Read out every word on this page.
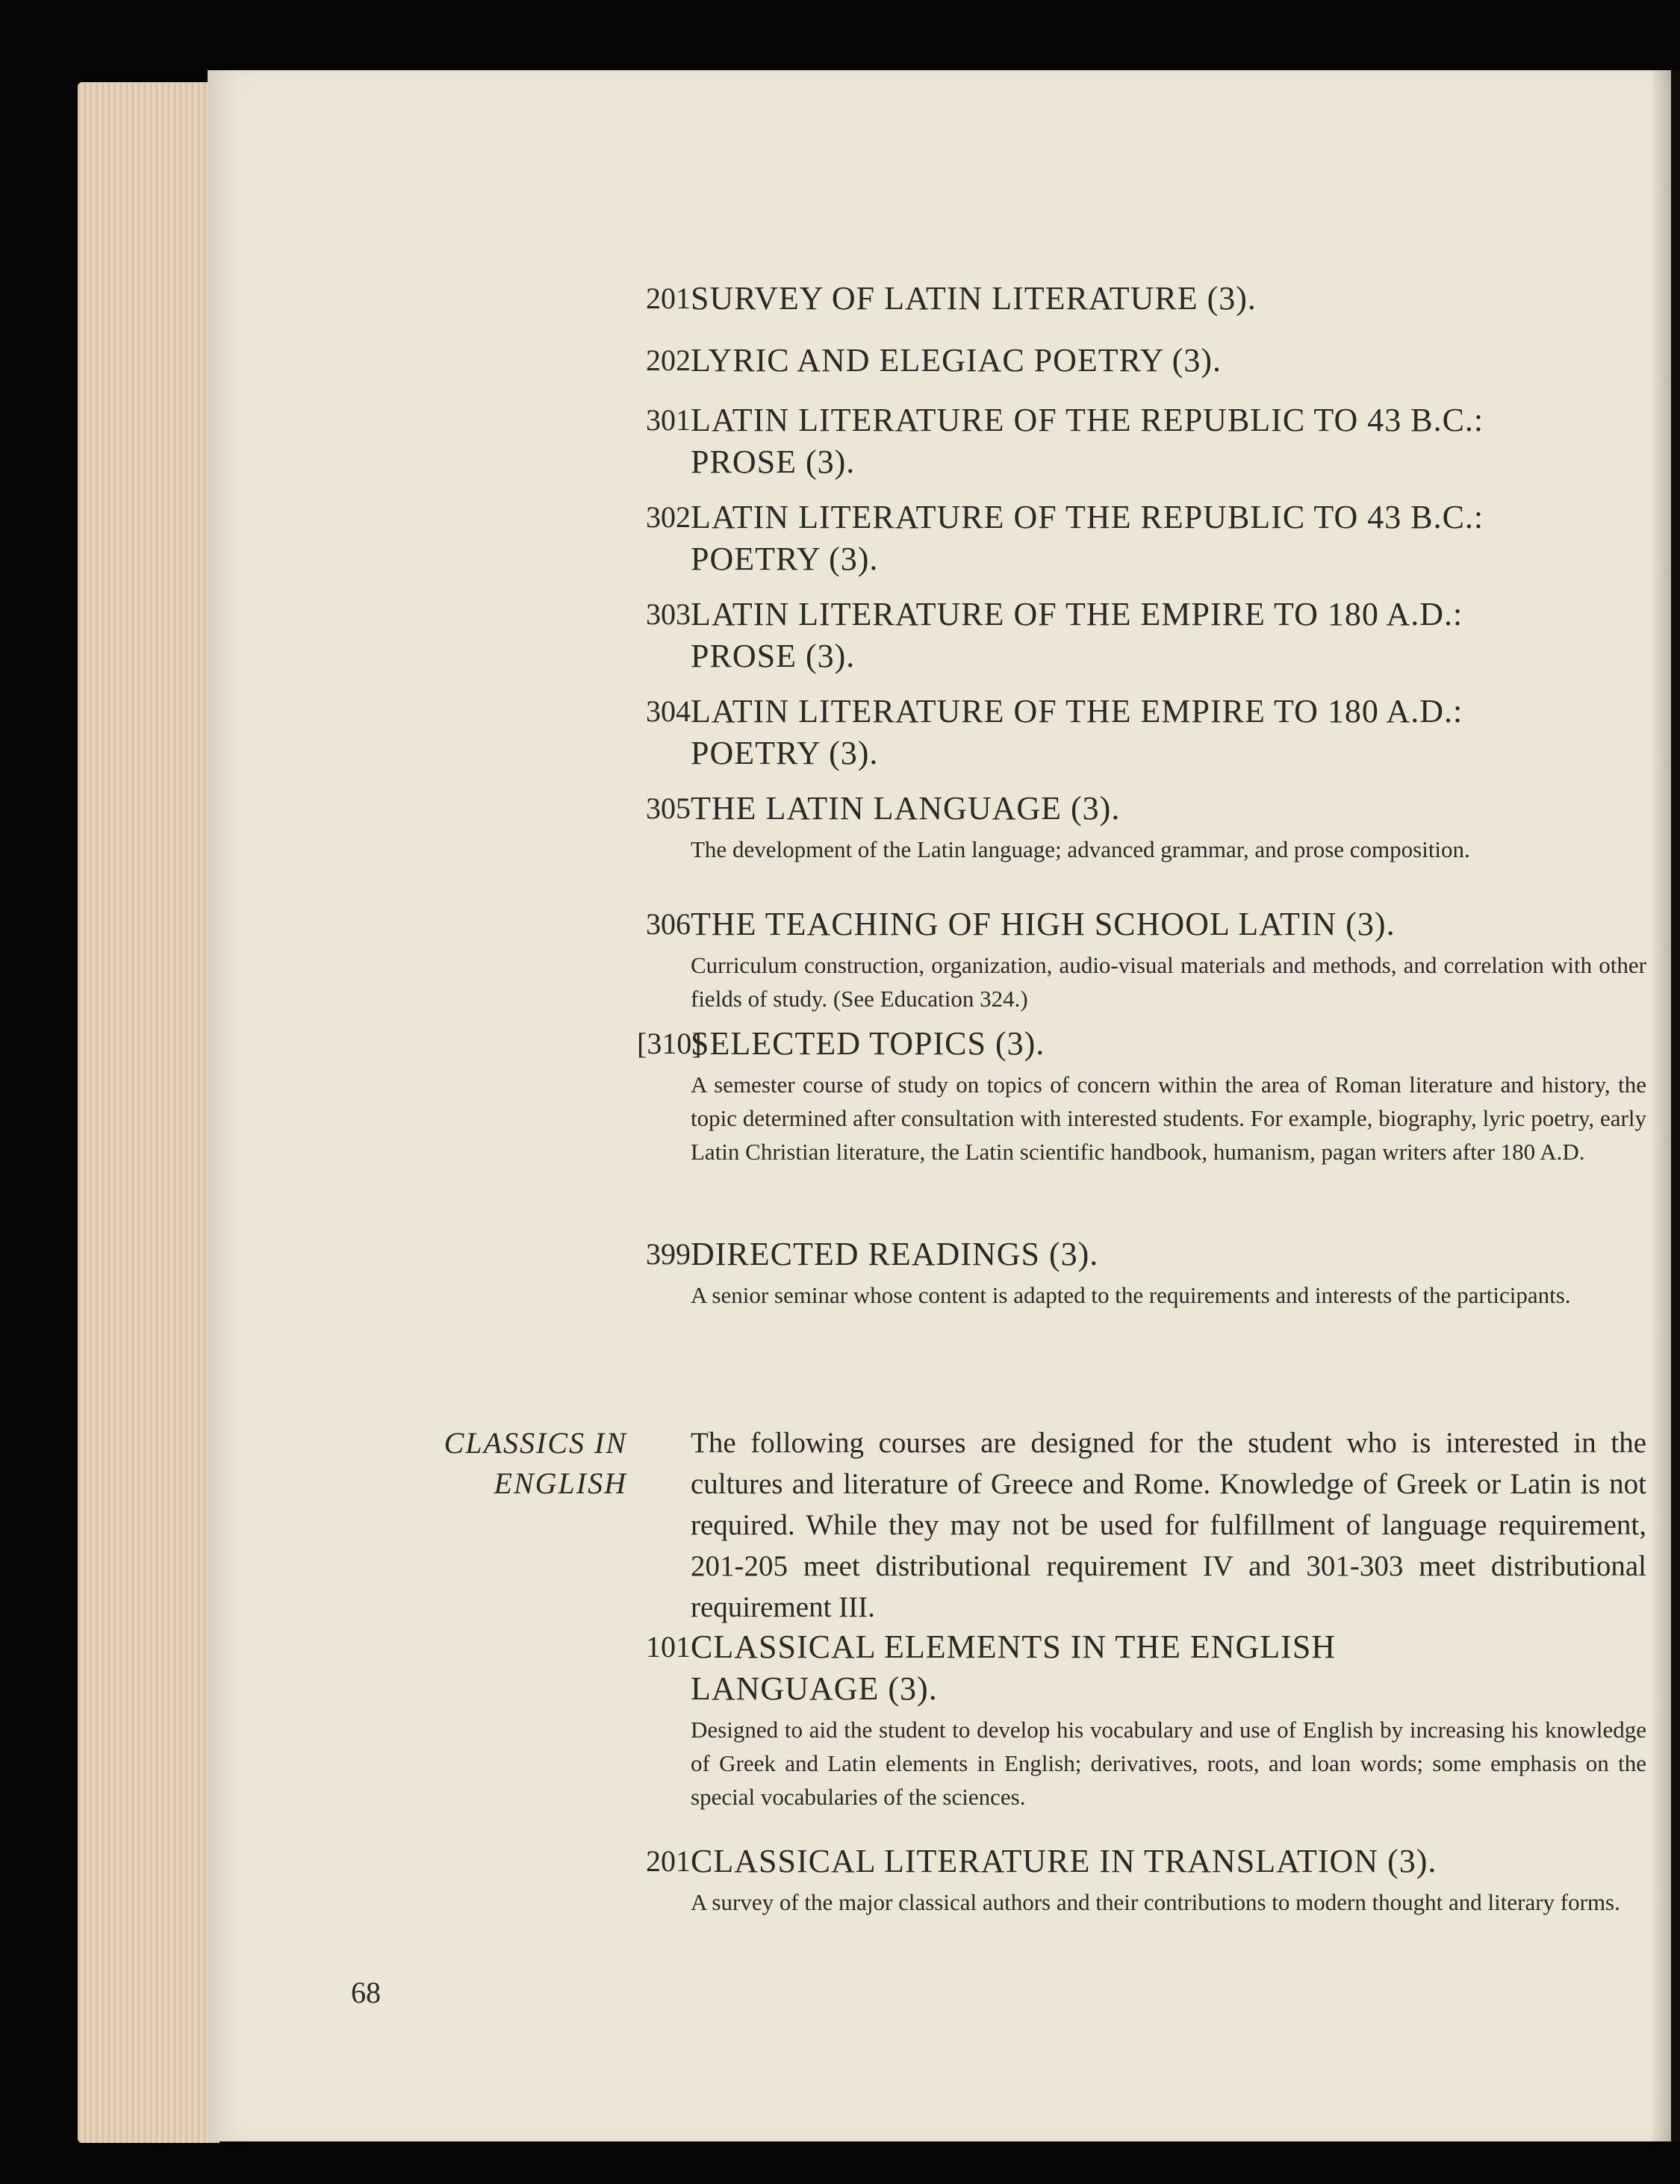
201 SURVEY OF LATIN LITERATURE (3).
202 LYRIC AND ELEGIAC POETRY (3).
301 LATIN LITERATURE OF THE REPUBLIC TO 43 B.C.:
PROSE (3).
302 LATIN LITERATURE OF THE REPUBLIC TO 43 B.C.:
POETRY (3).
303 LATIN LITERATURE OF THE EMPIRE TO 180 A.D.:
PROSE (3).
304 LATIN LITERATURE OF THE EMPIRE TO 180 A.D.:
POETRY (3).
305 THE LATIN LANGUAGE (3).
The development of the Latin language; advanced grammar, and prose composition.
306 THE TEACHING OF HIGH SCHOOL LATIN (3).
Curriculum construction, organization, audio-visual materials and methods, and correlation with other fields of study. (See Education 324.)
[310]
SELECTED TOPICS (3).
A semester course of study on topics of concern within the area of Roman literature and history, the topic determined after consultation with interested students. For example, biography, lyric poetry, early Latin Christian literature, the Latin scientific handbook, humanism, pagan writers after 180 A.D.
399 DIRECTED READINGS (3).
A senior seminar whose content is adapted to the requirements and interests of the participants.
CLASSICS IN
ENGLISH
The following courses are designed for the student who is interested in the cultures and literature of Greece and Rome. Knowledge of Greek or Latin is not required. While they may not be used for fulfillment of language requirement, 201-205 meet distributional requirement IV and 301-303 meet distributional requirement III.
101 CLASSICAL ELEMENTS IN THE ENGLISH
LANGUAGE (3).
Designed to aid the student to develop his vocabulary and use of English by increasing his knowledge of Greek and Latin elements in English; derivatives, roots, and loan words; some emphasis on the special vocabularies of the sciences.
201 CLASSICAL LITERATURE IN TRANSLATION (3).
A survey of the major classical authors and their contributions to modern thought and literary forms.
68
